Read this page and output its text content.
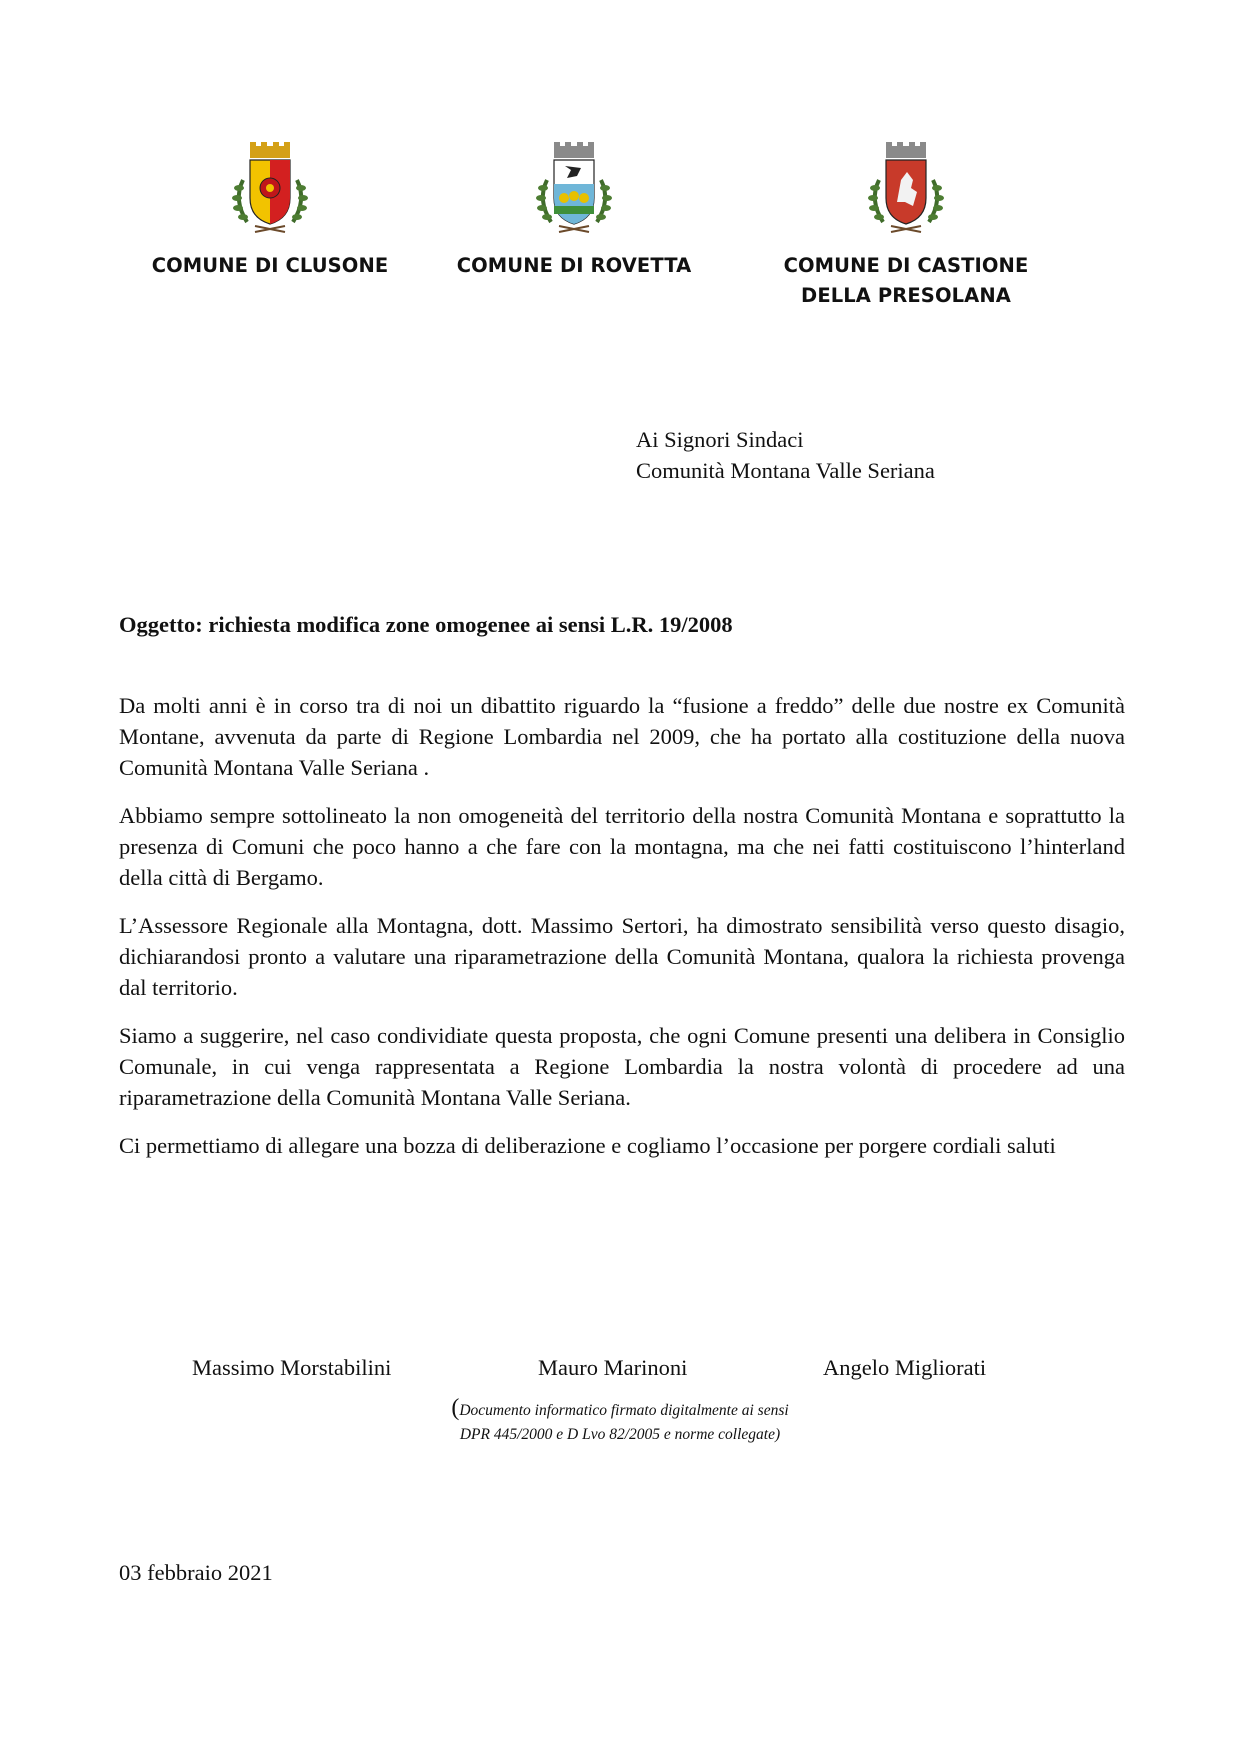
COMUNE DI CLUSONE	COMUNE DI ROVETTA	COMUNE DI CASTIONE
DELLA PRESOLANA
Ai Signori Sindaci
Comunità Montana Valle Seriana
Oggetto: richiesta modifica zone omogenee ai sensi L.R. 19/2008

Da molti anni è in corso tra di noi un dibattito riguardo la “fusione a freddo” delle due nostre ex Comunità Montane, avvenuta da parte di Regione Lombardia nel 2009, che ha portato alla costituzione della nuova Comunità Montana Valle Seriana .

Abbiamo sempre sottolineato la non omogeneità del territorio della nostra Comunità Montana e soprattutto la presenza di Comuni che poco hanno a che fare con la montagna, ma che nei fatti costituiscono l’hinterland della città di Bergamo.

L’Assessore Regionale alla Montagna, dott. Massimo Sertori, ha dimostrato sensibilità verso questo disagio, dichiarandosi pronto a valutare una riparametrazione della Comunità Montana, qualora la richiesta provenga dal territorio.

Siamo a suggerire, nel caso condividiate questa proposta, che ogni Comune presenti una delibera in Consiglio Comunale, in cui venga rappresentata a Regione Lombardia la nostra volontà di procedere ad una riparametrazione della Comunità Montana Valle Seriana.

Ci permettiamo di allegare una bozza di deliberazione e cogliamo l’occasione per porgere cordiali saluti

Massimo Morstabilini	Mauro Marinoni	Angelo Migliorati
(Documento informatico firmato digitalmente ai sensi
DPR 445/2000 e D Lvo 82/2005 e norme collegate)
03 febbraio 2021
